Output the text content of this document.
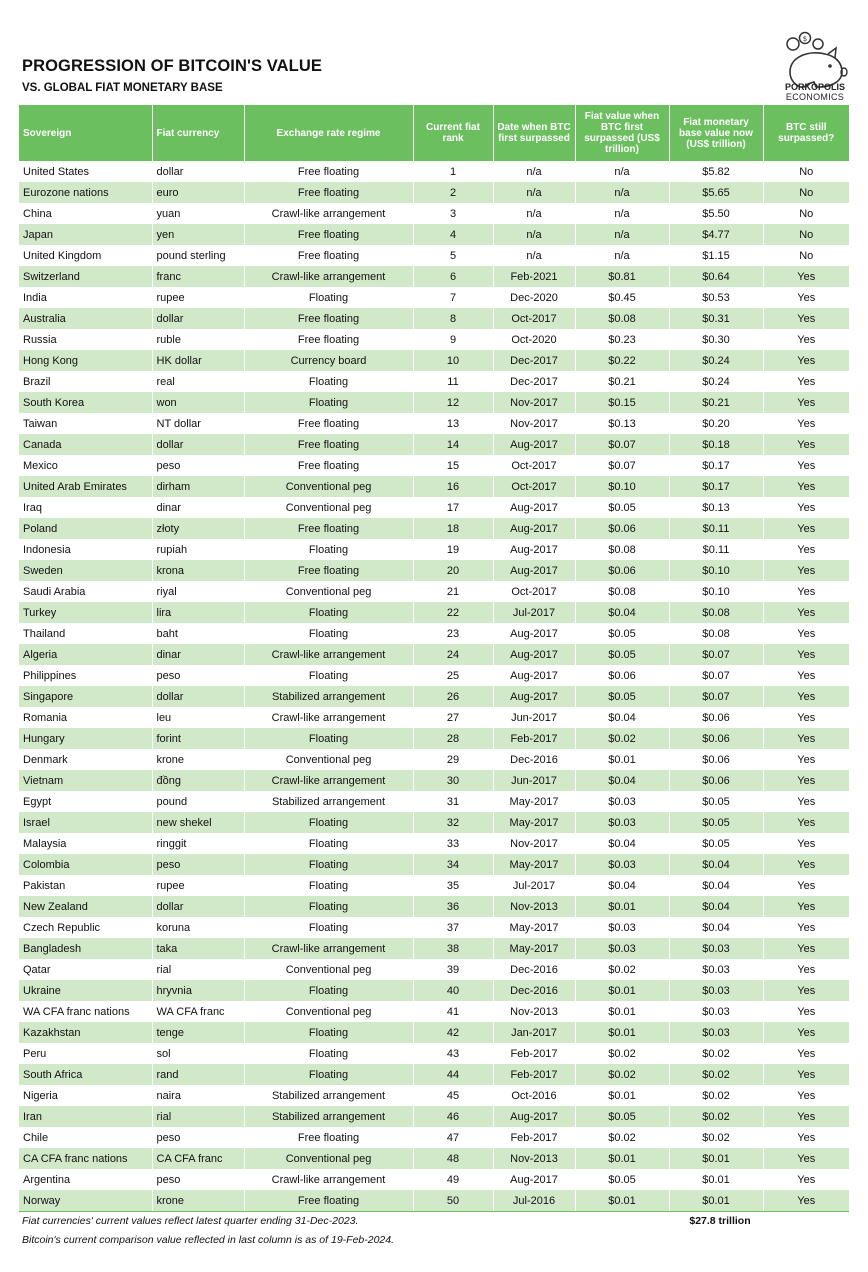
PROGRESSION OF BITCOIN'S VALUE
VS. GLOBAL FIAT MONETARY BASE
$
PORKOPOLIS
ECONOMICS
Sovereign	Fiat currency	Exchange rate regime	Current fiat rank	Date when BTC first surpassed	Fiat value when BTC first surpassed (US$ trillion)	Fiat monetary base value now (US$ trillion)	BTC still surpassed?
United States	dollar	Free floating	1	n/a	n/a	$5.82	No
Eurozone nations	euro	Free floating	2	n/a	n/a	$5.65	No
China	yuan	Crawl-like arrangement	3	n/a	n/a	$5.50	No
Japan	yen	Free floating	4	n/a	n/a	$4.77	No
United Kingdom	pound sterling	Free floating	5	n/a	n/a	$1.15	No
Switzerland	franc	Crawl-like arrangement	6	Feb-2021	$0.81	$0.64	Yes
India	rupee	Floating	7	Dec-2020	$0.45	$0.53	Yes
Australia	dollar	Free floating	8	Oct-2017	$0.08	$0.31	Yes
Russia	ruble	Free floating	9	Oct-2020	$0.23	$0.30	Yes
Hong Kong	HK dollar	Currency board	10	Dec-2017	$0.22	$0.24	Yes
Brazil	real	Floating	11	Dec-2017	$0.21	$0.24	Yes
South Korea	won	Floating	12	Nov-2017	$0.15	$0.21	Yes
Taiwan	NT dollar	Free floating	13	Nov-2017	$0.13	$0.20	Yes
Canada	dollar	Free floating	14	Aug-2017	$0.07	$0.18	Yes
Mexico	peso	Free floating	15	Oct-2017	$0.07	$0.17	Yes
United Arab Emirates	dirham	Conventional peg	16	Oct-2017	$0.10	$0.17	Yes
Iraq	dinar	Conventional peg	17	Aug-2017	$0.05	$0.13	Yes
Poland	złoty	Free floating	18	Aug-2017	$0.06	$0.11	Yes
Indonesia	rupiah	Floating	19	Aug-2017	$0.08	$0.11	Yes
Sweden	krona	Free floating	20	Aug-2017	$0.06	$0.10	Yes
Saudi Arabia	riyal	Conventional peg	21	Oct-2017	$0.08	$0.10	Yes
Turkey	lira	Floating	22	Jul-2017	$0.04	$0.08	Yes
Thailand	baht	Floating	23	Aug-2017	$0.05	$0.08	Yes
Algeria	dinar	Crawl-like arrangement	24	Aug-2017	$0.05	$0.07	Yes
Philippines	peso	Floating	25	Aug-2017	$0.06	$0.07	Yes
Singapore	dollar	Stabilized arrangement	26	Aug-2017	$0.05	$0.07	Yes
Romania	leu	Crawl-like arrangement	27	Jun-2017	$0.04	$0.06	Yes
Hungary	forint	Floating	28	Feb-2017	$0.02	$0.06	Yes
Denmark	krone	Conventional peg	29	Dec-2016	$0.01	$0.06	Yes
Vietnam	đồng	Crawl-like arrangement	30	Jun-2017	$0.04	$0.06	Yes
Egypt	pound	Stabilized arrangement	31	May-2017	$0.03	$0.05	Yes
Israel	new shekel	Floating	32	May-2017	$0.03	$0.05	Yes
Malaysia	ringgit	Floating	33	Nov-2017	$0.04	$0.05	Yes
Colombia	peso	Floating	34	May-2017	$0.03	$0.04	Yes
Pakistan	rupee	Floating	35	Jul-2017	$0.04	$0.04	Yes
New Zealand	dollar	Floating	36	Nov-2013	$0.01	$0.04	Yes
Czech Republic	koruna	Floating	37	May-2017	$0.03	$0.04	Yes
Bangladesh	taka	Crawl-like arrangement	38	May-2017	$0.03	$0.03	Yes
Qatar	rial	Conventional peg	39	Dec-2016	$0.02	$0.03	Yes
Ukraine	hryvnia	Floating	40	Dec-2016	$0.01	$0.03	Yes
WA CFA franc nations	WA CFA franc	Conventional peg	41	Nov-2013	$0.01	$0.03	Yes
Kazakhstan	tenge	Floating	42	Jan-2017	$0.01	$0.03	Yes
Peru	sol	Floating	43	Feb-2017	$0.02	$0.02	Yes
South Africa	rand	Floating	44	Feb-2017	$0.02	$0.02	Yes
Nigeria	naira	Stabilized arrangement	45	Oct-2016	$0.01	$0.02	Yes
Iran	rial	Stabilized arrangement	46	Aug-2017	$0.05	$0.02	Yes
Chile	peso	Free floating	47	Feb-2017	$0.02	$0.02	Yes
CA CFA franc nations	CA CFA franc	Conventional peg	48	Nov-2013	$0.01	$0.01	Yes
Argentina	peso	Crawl-like arrangement	49	Aug-2017	$0.05	$0.01	Yes
Norway	krone	Free floating	50	Jul-2016	$0.01	$0.01	Yes
Fiat currencies' current values reflect latest quarter ending 31-Dec-2023.	$27.8 trillion
Bitcoin's current comparison value reflected in last column is as of 19-Feb-2024.
